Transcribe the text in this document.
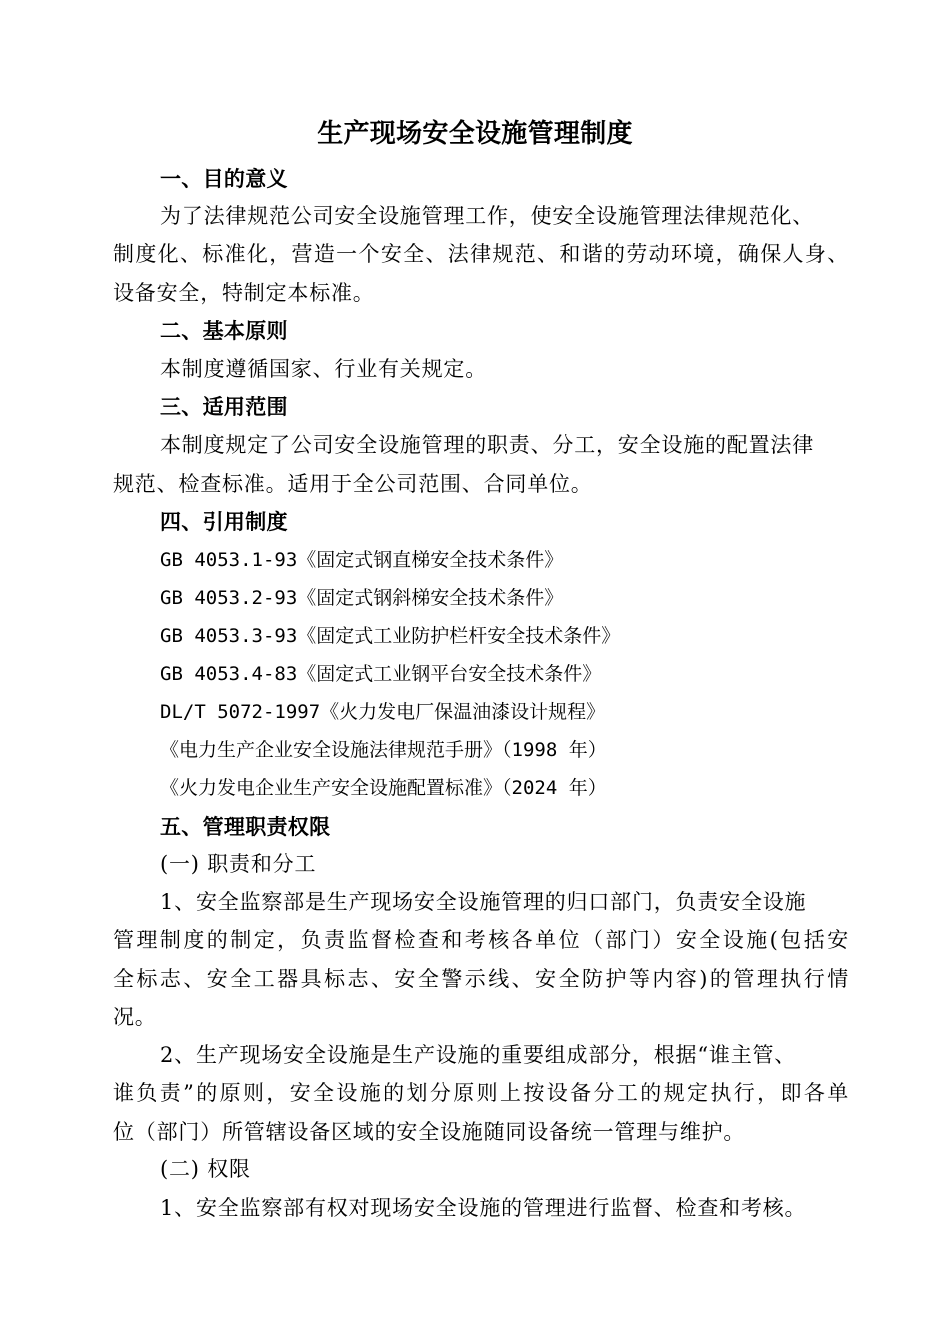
生产现场安全设施管理制度
一、目的意义
为了法律规范公司安全设施管理工作，使安全设施管理法律规范化、
制度化、标准化，营造一个安全、法律规范、和谐的劳动环境，确保人身、
设备安全，特制定本标准。
二、基本原则
本制度遵循国家、行业有关规定。
三、适用范围
本制度规定了公司安全设施管理的职责、分工，安全设施的配置法律
规范、检查标准。适用于全公司范围、合同单位。
四、引用制度
GB 4053.1-93《固定式钢直梯安全技术条件》
GB 4053.2-93《固定式钢斜梯安全技术条件》
GB 4053.3-93《固定式工业防护栏杆安全技术条件》
GB 4053.4-83《固定式工业钢平台安全技术条件》
DL/T 5072-1997《火力发电厂保温油漆设计规程》
《电力生产企业安全设施法律规范手册》（1998 年）
《火力发电企业生产安全设施配置标准》（2024 年）
五、管理职责权限
(一) 职责和分工
1、安全监察部是生产现场安全设施管理的归口部门，负责安全设施
管理制度的制定，负责监督检查和考核各单位（部门）安全设施(包括安
全标志、安全工器具标志、安全警示线、安全防护等内容)的管理执行情
况。
2、生产现场安全设施是生产设施的重要组成部分，根据“谁主管、
谁负责”的原则，安全设施的划分原则上按设备分工的规定执行，即各单
位（部门）所管辖设备区域的安全设施随同设备统一管理与维护。
(二) 权限
1、安全监察部有权对现场安全设施的管理进行监督、检查和考核。
